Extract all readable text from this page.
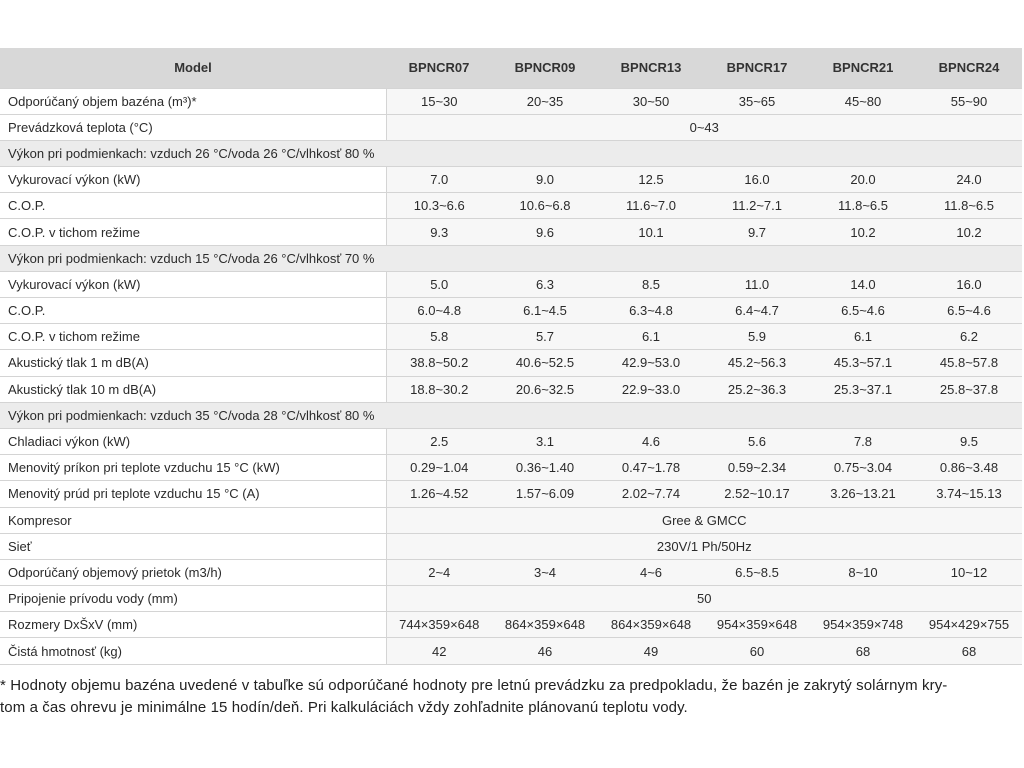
Model	BPNCR07	BPNCR09	BPNCR13	BPNCR17	BPNCR21	BPNCR24
Odporúčaný objem bazéna (m³)*	15~30	20~35	30~50	35~65	45~80	55~90
Prevádzková teplota (°C)	0~43					
Výkon pri podmienkach: vzduch 26 °C/voda 26 °C/vlhkosť 80 %						
Vykurovací výkon (kW)	7.0	9.0	12.5	16.0	20.0	24.0
C.O.P.	10.3~6.6	10.6~6.8	11.6~7.0	11.2~7.1	11.8~6.5	11.8~6.5
C.O.P. v tichom režime	9.3	9.6	10.1	9.7	10.2	10.2
Výkon pri podmienkach: vzduch 15 °C/voda 26 °C/vlhkosť 70 %						
Vykurovací výkon (kW)	5.0	6.3	8.5	11.0	14.0	16.0
C.O.P.	6.0~4.8	6.1~4.5	6.3~4.8	6.4~4.7	6.5~4.6	6.5~4.6
C.O.P. v tichom režime	5.8	5.7	6.1	5.9	6.1	6.2
Akustický tlak 1 m dB(A)	38.8~50.2	40.6~52.5	42.9~53.0	45.2~56.3	45.3~57.1	45.8~57.8
Akustický tlak 10 m dB(A)	18.8~30.2	20.6~32.5	22.9~33.0	25.2~36.3	25.3~37.1	25.8~37.8
Výkon pri podmienkach: vzduch 35 °C/voda 28 °C/vlhkosť 80 %						
Chladiaci výkon (kW)	2.5	3.1	4.6	5.6	7.8	9.5
Menovitý príkon pri teplote vzduchu 15 °C (kW)	0.29~1.04	0.36~1.40	0.47~1.78	0.59~2.34	0.75~3.04	0.86~3.48
Menovitý prúd pri teplote vzduchu 15 °C (A)	1.26~4.52	1.57~6.09	2.02~7.74	2.52~10.17	3.26~13.21	3.74~15.13
Kompresor	Gree & GMCC					
Sieť	230V/1 Ph/50Hz					
Odporúčaný objemový prietok (m3/h)	2~4	3~4	4~6	6.5~8.5	8~10	10~12
Pripojenie prívodu vody (mm)	50					
Rozmery DxŠxV (mm)	744×359×648	864×359×648	864×359×648	954×359×648	954×359×748	954×429×755
Čistá hmotnosť (kg)	42	46	49	60	68	68
* Hodnoty objemu bazéna uvedené v tabuľke sú odporúčané hodnoty pre letnú prevádzku za predpokladu, že bazén je zakrytý solárnym kry-
tom a čas ohrevu je minimálne 15 hodín/deň. Pri kalkuláciách vždy zohľadnite plánovanú teplotu vody.
